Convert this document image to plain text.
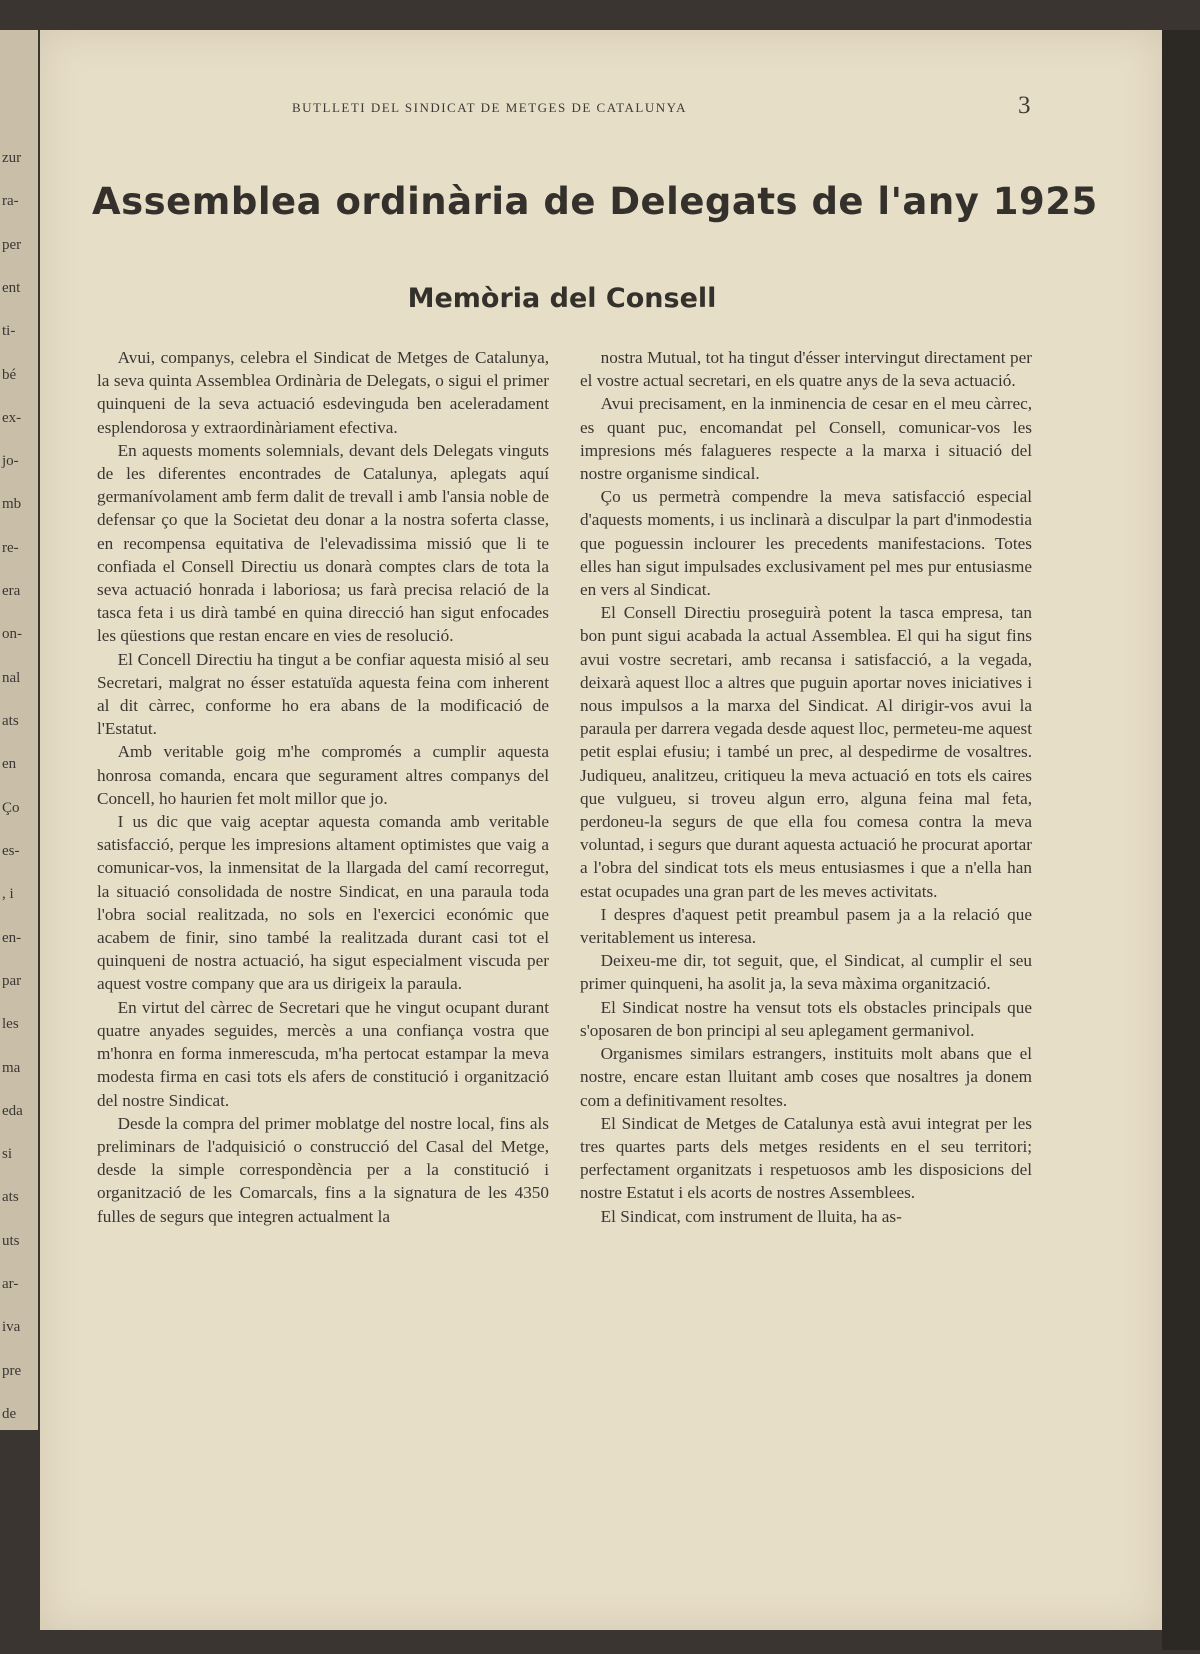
zur
ra-
per
ent
ti-
bé
ex-
jo-
mb
re-
era
on-
nal
ats
en
Ço
es-
, i
en-
par
les
ma
eda
si
ats
uts
ar-
iva
pre
de
s
BUTLLETI DEL SINDICAT DE METGES DE CATALUNYA	3
Assemblea ordinària de Delegats de l'any 1925
Memòria del Consell

Avui, companys, celebra el Sindicat de Metges de Catalunya, la seva quinta Assemblea Ordinària de Delegats, o sigui el primer quinqueni de la seva actuació esdevinguda ben aceleradament esplendorosa y extraordinàriament efectiva.

En aquests moments solemnials, devant dels Delegats vinguts de les diferentes encontrades de Catalunya, aplegats aquí germanívolament amb ferm dalit de trevall i amb l'ansia noble de defensar ço que la Societat deu donar a la nostra soferta classe, en recompensa equitativa de l'elevadissima missió que li te confiada el Consell Directiu us donarà comptes clars de tota la seva actuació honrada i laboriosa; us farà precisa relació de la tasca feta i us dirà també en quina direcció han sigut enfocades les qüestions que restan encare en vies de resolució.

El Concell Directiu ha tingut a be confiar aquesta misió al seu Secretari, malgrat no ésser estatuïda aquesta feina com inherent al dit càrrec, conforme ho era abans de la modificació de l'Estatut.

Amb veritable goig m'he compromés a cumplir aquesta honrosa comanda, encara que segurament altres companys del Concell, ho haurien fet molt millor que jo.

I us dic que vaig aceptar aquesta comanda amb veritable satisfacció, perque les impresions altament optimistes que vaig a comunicar-vos, la inmensitat de la llargada del camí recorregut, la situació consolidada de nostre Sindicat, en una paraula toda l'obra social realitzada, no sols en l'exercici económic que acabem de finir, sino també la realitzada durant casi tot el quinqueni de nostra actuació, ha sigut especialment viscuda per aquest vostre company que ara us dirigeix la paraula.

En virtut del càrrec de Secretari que he vingut ocupant durant quatre anyades seguides, mercès a una confiança vostra que m'honra en forma inmerescuda, m'ha pertocat estampar la meva modesta firma en casi tots els afers de constitució i organització del nostre Sindicat.

Desde la compra del primer moblatge del nostre local, fins als preliminars de l'adquisició o construcció del Casal del Metge, desde la simple correspondència per a la constitució i organització de les Comarcals, fins a la signatura de les 4350 fulles de segurs que integren actualment la

nostra Mutual, tot ha tingut d'ésser intervingut directament per el vostre actual secretari, en els quatre anys de la seva actuació.

Avui precisament, en la inminencia de cesar en el meu càrrec, es quant puc, encomandat pel Consell, comunicar-vos les impresions més falagueres respecte a la marxa i situació del nostre organisme sindical.

Ço us permetrà compendre la meva satisfacció especial d'aquests moments, i us inclinarà a disculpar la part d'inmodestia que poguessin inclourer les precedents manifestacions. Totes elles han sigut impulsades exclusivament pel mes pur entusiasme en vers al Sindicat.

El Consell Directiu proseguirà potent la tasca empresa, tan bon punt sigui acabada la actual Assemblea. El qui ha sigut fins avui vostre secretari, amb recansa i satisfacció, a la vegada, deixarà aquest lloc a altres que puguin aportar noves iniciatives i nous impulsos a la marxa del Sindicat. Al dirigir-vos avui la paraula per darrera vegada desde aquest lloc, permeteu-me aquest petit esplai efusiu; i també un prec, al despedirme de vosaltres. Judiqueu, analitzeu, critiqueu la meva actuació en tots els caires que vulgueu, si troveu algun erro, alguna feina mal feta, perdoneu-la segurs de que ella fou comesa contra la meva voluntad, i segurs que durant aquesta actuació he procurat aportar a l'obra del sindicat tots els meus entusiasmes i que a n'ella han estat ocupades una gran part de les meves activitats.

I despres d'aquest petit preambul pasem ja a la relació que veritablement us interesa.

Deixeu-me dir, tot seguit, que, el Sindicat, al cumplir el seu primer quinqueni, ha asolit ja, la seva màxima organització.

El Sindicat nostre ha vensut tots els obstacles principals que s'oposaren de bon principi al seu aplegament germanivol.

Organismes similars estrangers, instituits molt abans que el nostre, encare estan lluitant amb coses que nosaltres ja donem com a definitivament resoltes.

El Sindicat de Metges de Catalunya està avui integrat per les tres quartes parts dels metges residents en el seu territori; perfectament organitzats i respetuosos amb les disposicions del nostre Estatut i els acorts de nostres Assemblees.

El Sindicat, com instrument de lluita, ha as-
